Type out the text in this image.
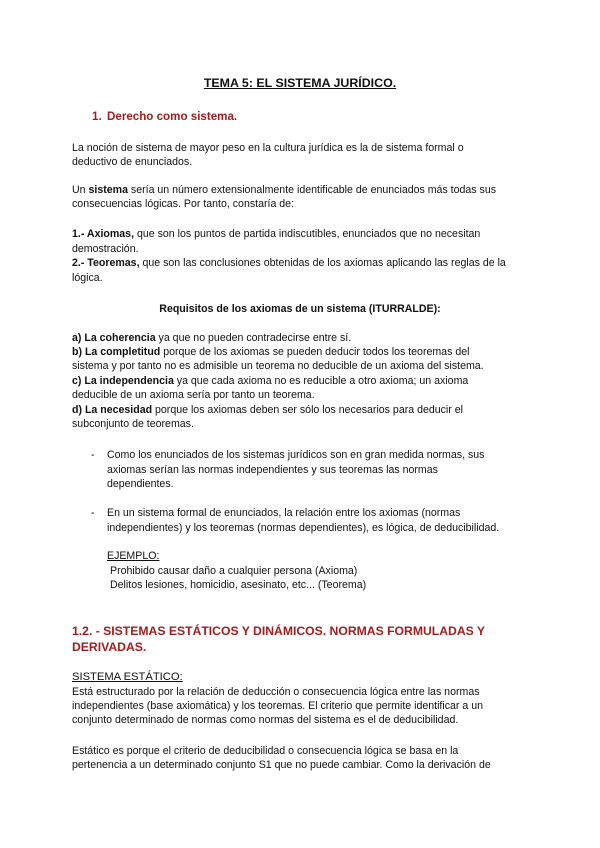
TEMA 5: EL SISTEMA JURÍDICO.
1. Derecho como sistema.
La noción de sistema de mayor peso en la cultura jurídica es la de sistema formal o
deductivo de enunciados.
Un sistema sería un número extensionalmente identificable de enunciados más todas sus
consecuencias lógicas. Por tanto, constaría de:
1.- Axiomas, que son los puntos de partida indiscutibles, enunciados que no necesitan
demostración.
2.- Teoremas, que son las conclusiones obtenidas de los axiomas aplicando las reglas de la
lógica.
Requisitos de los axiomas de un sistema (ITURRALDE):
a) La coherencia ya que no pueden contradecirse entre sí.
b) La completitud porque de los axiomas se pueden deducir todos los teoremas del
sistema y por tanto no es admisible un teorema no deducible de un axioma del sistema.
c) La independencia ya que cada axioma no es reducible a otro axioma; un axioma
deducible de un axioma sería por tanto un teorema.
d) La necesidad porque los axiomas deben ser sólo los necesarios para deducir el
subconjunto de teoremas.
- Como los enunciados de los sistemas jurídicos son en gran medida normas, sus
axiomas serían las normas independientes y sus teoremas las normas
dependientes.
- En un sistema formal de enunciados, la relación entre los axiomas (normas
independientes) y los teoremas (normas dependientes), es lógica, de deducibilidad.
EJEMPLO:
Prohibido causar daño a cualquier persona (Axioma)
Delitos lesiones, homicidio, asesinato, etc... (Teorema)
1.2. - SISTEMAS ESTÁTICOS Y DINÁMICOS. NORMAS FORMULADAS Y
DERIVADAS.
SISTEMA ESTÁTICO:
Está estructurado por la relación de deducción o consecuencia lógica entre las normas
independientes (base axiomática) y los teoremas. El criterio que permite identificar a un
conjunto determinado de normas como normas del sistema es el de deducibilidad.
Estático es porque el criterio de deducibilidad o consecuencia lógica se basa en la
pertenencia a un determinado conjunto S1 que no puede cambiar. Como la derivación de
